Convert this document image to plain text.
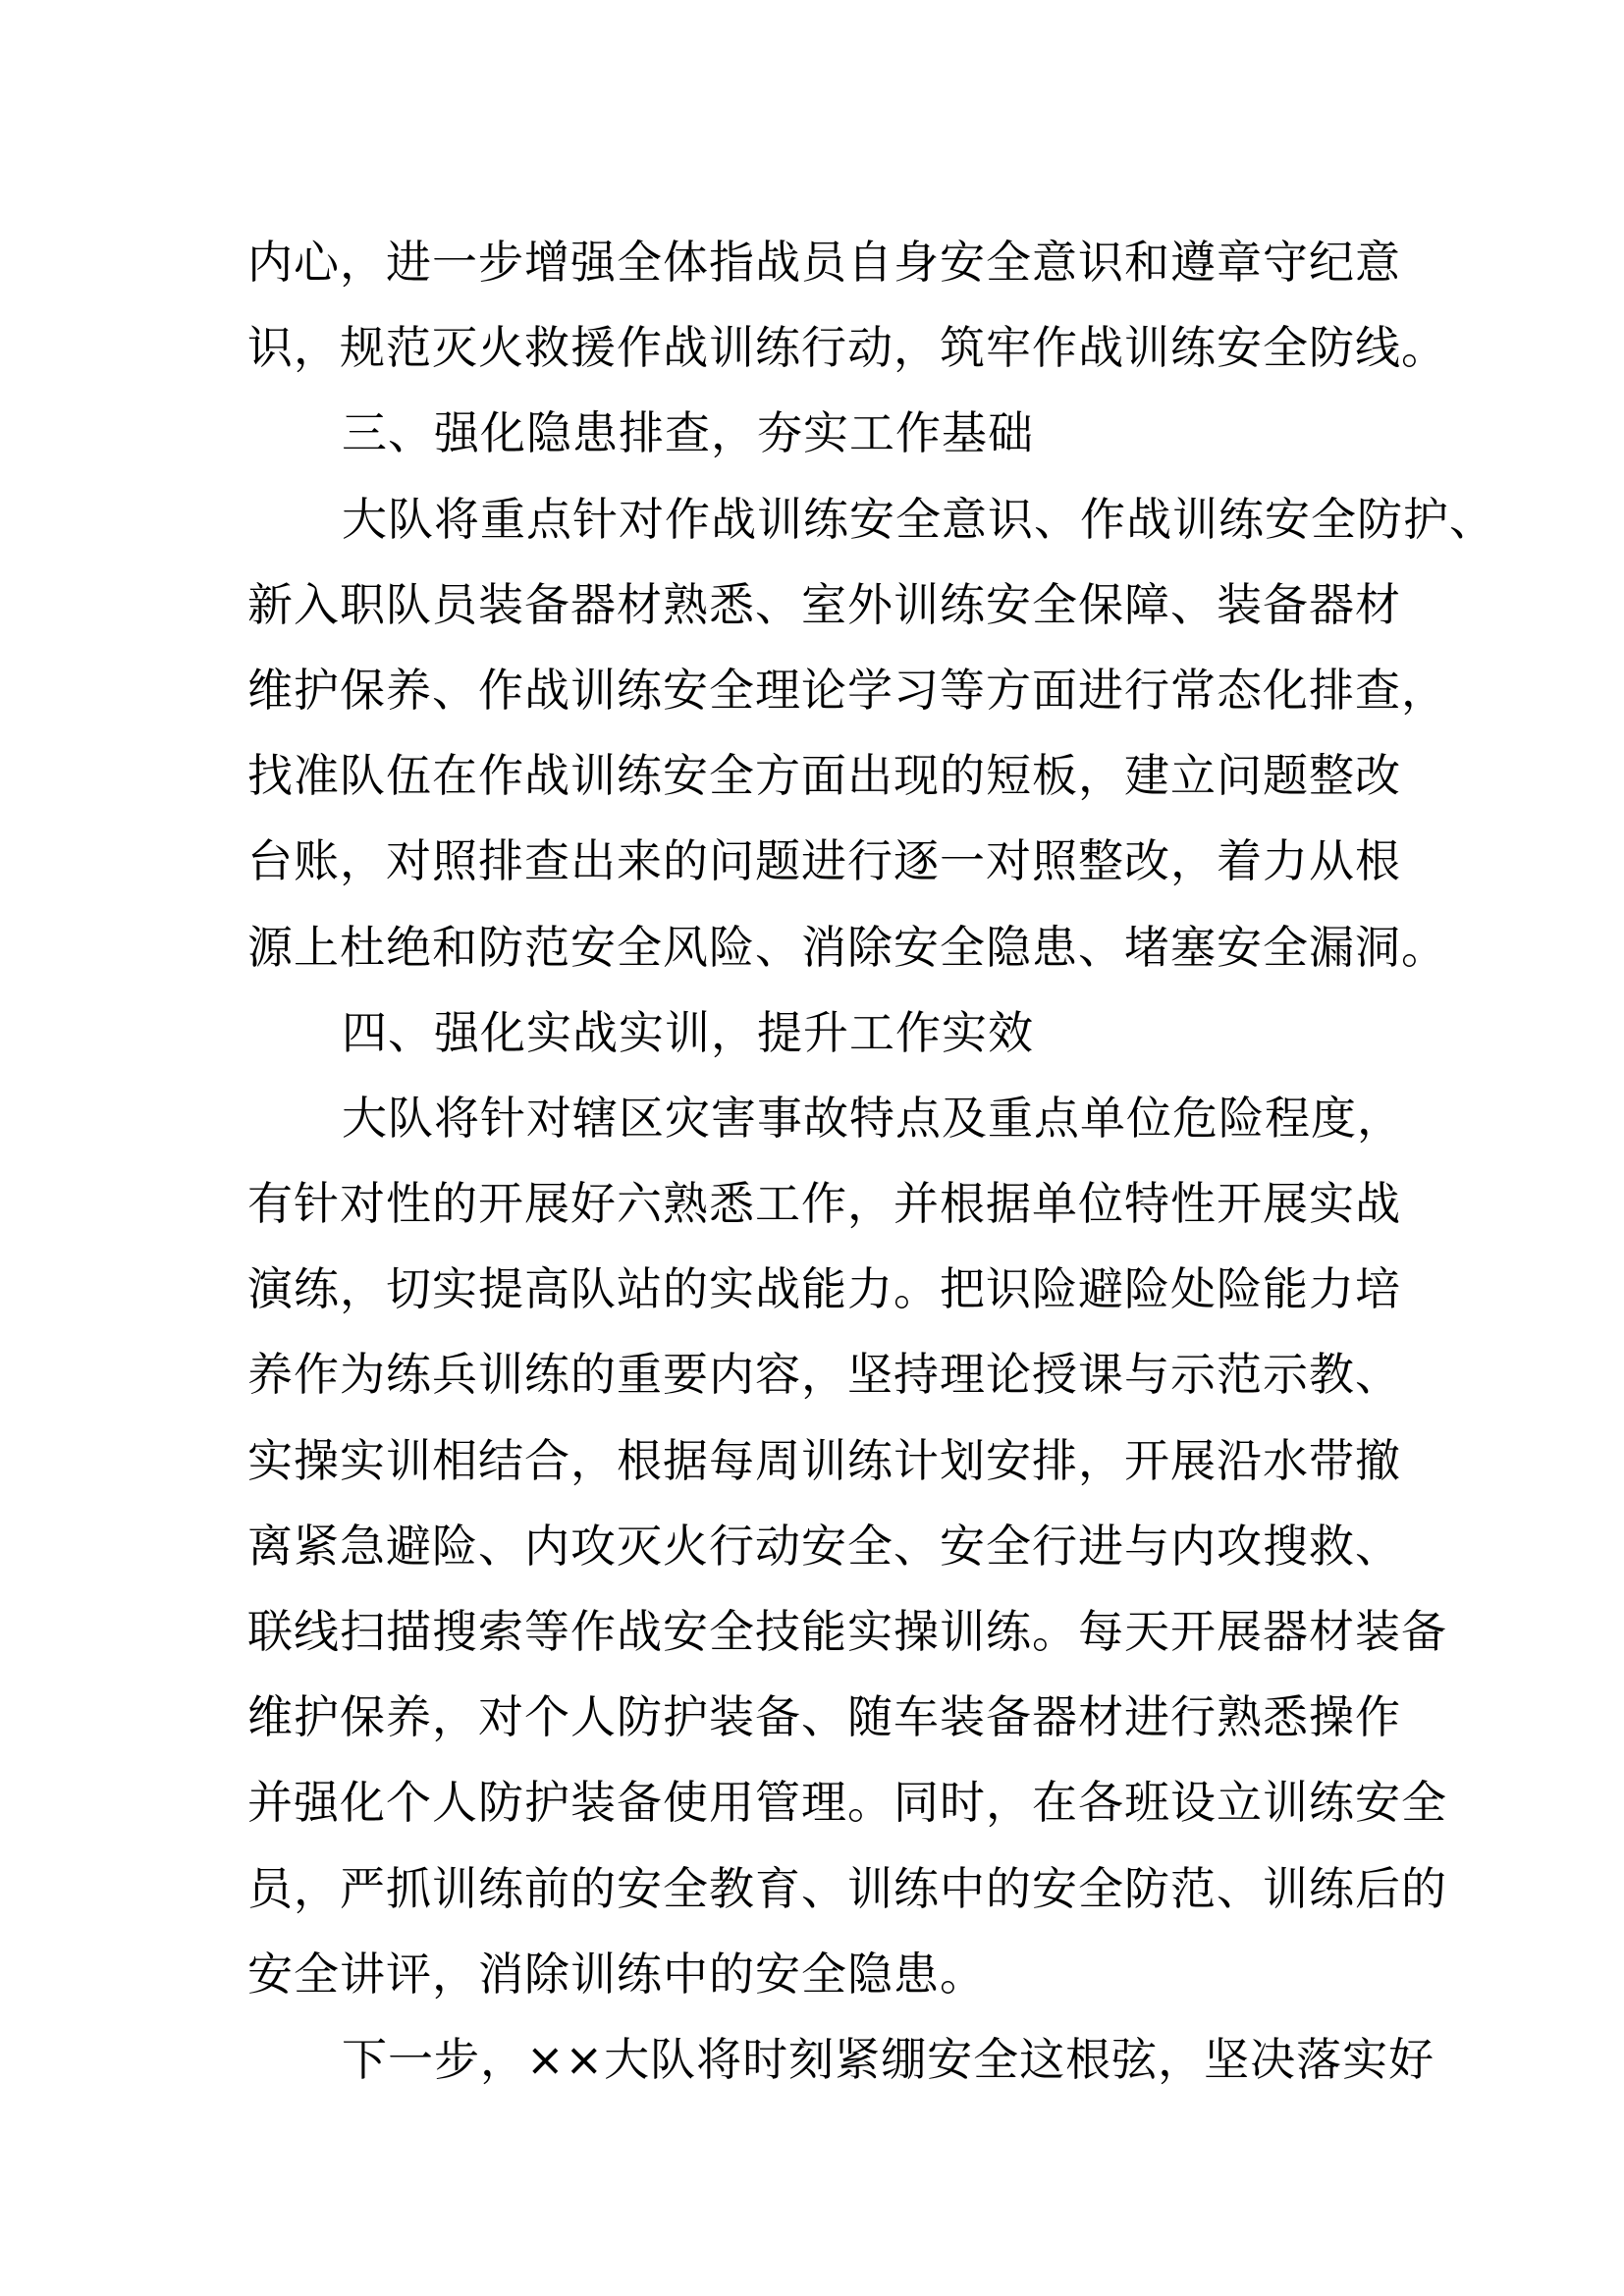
内心，进一步增强全体指战员自身安全意识和遵章守纪意
识，规范灭火救援作战训练行动，筑牢作战训练安全防线。
三、强化隐患排查，夯实工作基础
大队将重点针对作战训练安全意识、作战训练安全防护、
新入职队员装备器材熟悉、室外训练安全保障、装备器材
维护保养、作战训练安全理论学习等方面进行常态化排查，
找准队伍在作战训练安全方面出现的短板，建立问题整改
台账，对照排查出来的问题进行逐一对照整改，着力从根
源上杜绝和防范安全风险、消除安全隐患、堵塞安全漏洞。
四、强化实战实训，提升工作实效
大队将针对辖区灾害事故特点及重点单位危险程度，
有针对性的开展好六熟悉工作，并根据单位特性开展实战
演练，切实提高队站的实战能力。把识险避险处险能力培
养作为练兵训练的重要内容，坚持理论授课与示范示教、
实操实训相结合，根据每周训练计划安排，开展沿水带撤
离紧急避险、内攻灭火行动安全、安全行进与内攻搜救、
联线扫描搜索等作战安全技能实操训练。每天开展器材装备
维护保养，对个人防护装备、随车装备器材进行熟悉操作
并强化个人防护装备使用管理。同时，在各班设立训练安全
员，严抓训练前的安全教育、训练中的安全防范、训练后的
安全讲评，消除训练中的安全隐患。
下一步，××大队将时刻紧绷安全这根弦，坚决落实好
